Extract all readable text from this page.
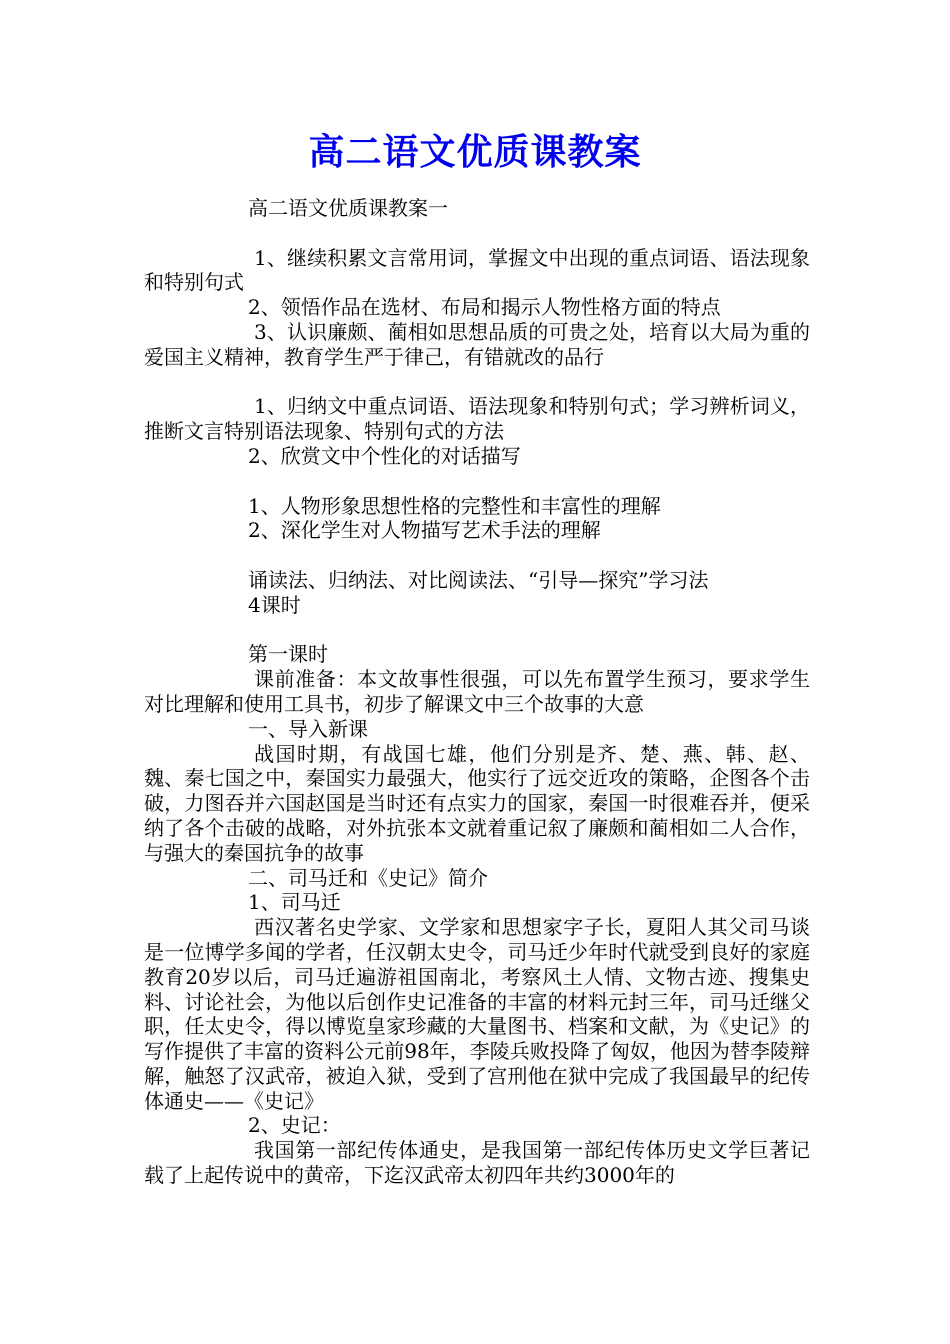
高二语文优质课教案

高二语文优质课教案一

1、继续积累文言常用词，掌握文中出现的重点词语、语法现象和特别句式

2、领悟作品在选材、布局和揭示人物性格方面的特点

3、认识廉颇、蔺相如思想品质的可贵之处，培育以大局为重的爱国主义精神，教育学生严于律己，有错就改的品行

1、归纳文中重点词语、语法现象和特别句式；学习辨析词义，推断文言特别语法现象、特别句式的方法

2、欣赏文中个性化的对话描写

1、人物形象思想性格的完整性和丰富性的理解

2、深化学生对人物描写艺术手法的理解

诵读法、归纳法、对比阅读法、“引导—探究”学习法

4课时

第一课时

课前准备：本文故事性很强，可以先布置学生预习，要求学生对比理解和使用工具书，初步了解课文中三个故事的大意

一、导入新课

战国时期，有战国七雄，他们分别是齐、楚、燕、韩、赵、魏、秦七国之中，秦国实力最强大，他实行了远交近攻的策略，企图各个击破，力图吞并六国赵国是当时还有点实力的国家，秦国一时很难吞并，便采纳了各个击破的战略，对外抗张本文就着重记叙了廉颇和蔺相如二人合作，与强大的秦国抗争的故事

二、司马迁和《史记》简介

1、司马迁

西汉著名史学家、文学家和思想家字子长，夏阳人其父司马谈是一位博学多闻的学者，任汉朝太史令，司马迁少年时代就受到良好的家庭教育20岁以后，司马迁遍游祖国南北，考察风土人情、文物古迹、搜集史料、讨论社会，为他以后创作史记准备的丰富的材料元封三年，司马迁继父职，任太史令，得以博览皇家珍藏的大量图书、档案和文献，为《史记》的写作提供了丰富的资料公元前98年，李陵兵败投降了匈奴，他因为替李陵辩解，触怒了汉武帝，被迫入狱，受到了宫刑他在狱中完成了我国最早的纪传体通史——《史记》

2、史记：

我国第一部纪传体通史，是我国第一部纪传体历史文学巨著记载了上起传说中的黄帝，下迄汉武帝太初四年共约3000年的
